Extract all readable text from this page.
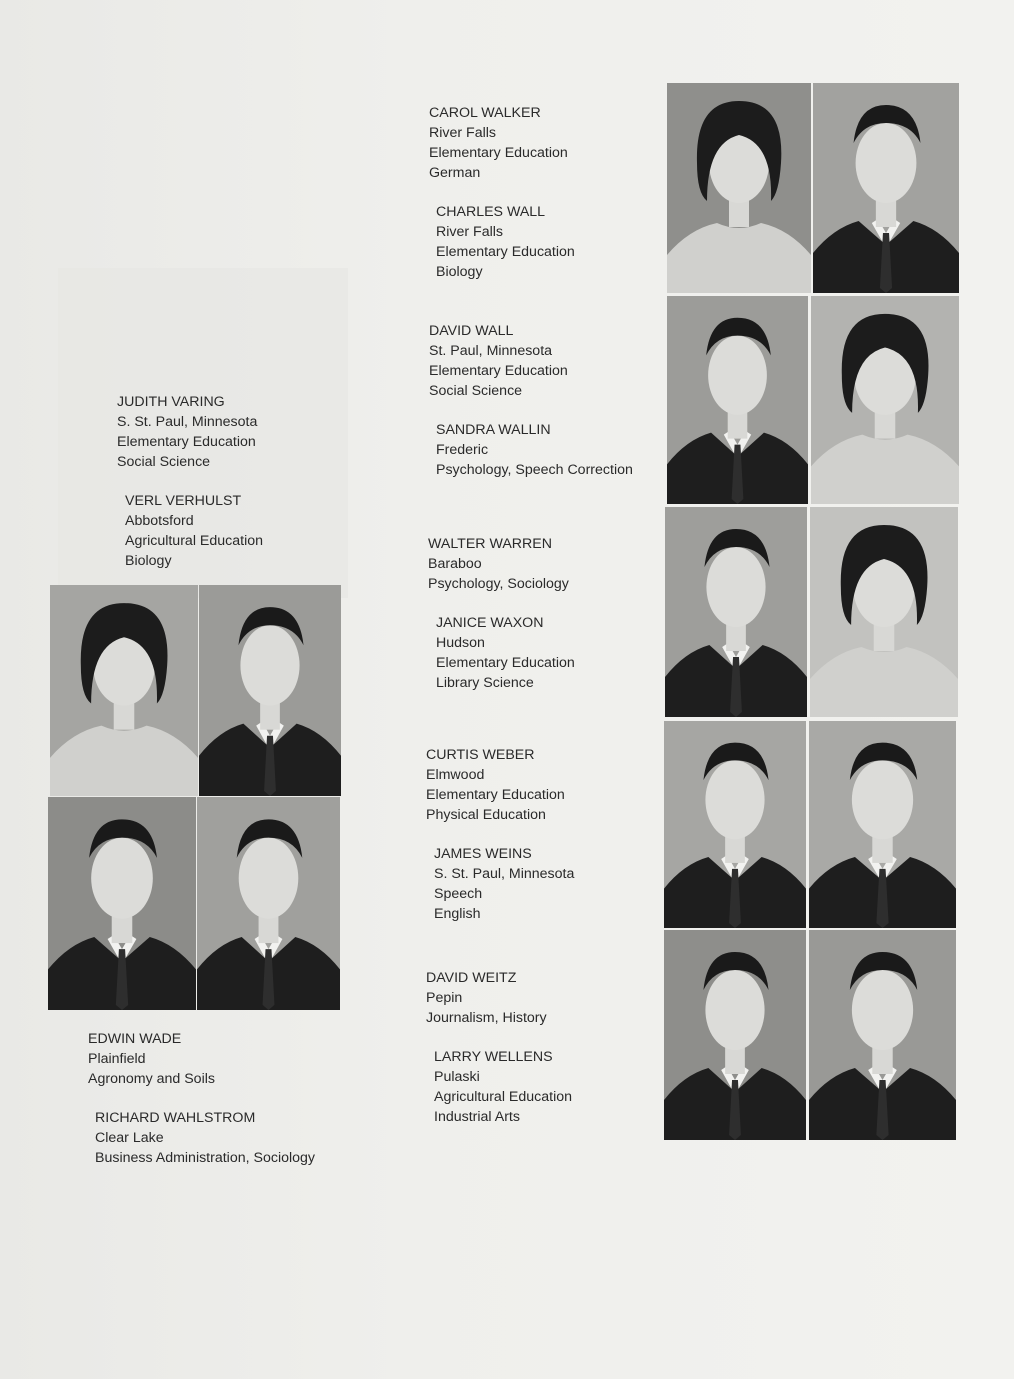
CAROL WALKER
River Falls
Elementary Education
German
CHARLES WALL
River Falls
Elementary Education
Biology
DAVID WALL
St. Paul, Minnesota
Elementary Education
Social Science
SANDRA WALLIN
Frederic
Psychology, Speech Correction
WALTER WARREN
Baraboo
Psychology, Sociology
JANICE WAXON
Hudson
Elementary Education
Library Science
CURTIS WEBER
Elmwood
Elementary Education
Physical Education
JAMES WEINS
S. St. Paul, Minnesota
Speech
English
DAVID WEITZ
Pepin
Journalism, History
LARRY WELLENS
Pulaski
Agricultural Education
Industrial Arts
JUDITH VARING
S. St. Paul, Minnesota
Elementary Education
Social Science
VERL VERHULST
Abbotsford
Agricultural Education
Biology
EDWIN WADE
Plainfield
Agronomy and Soils
RICHARD WAHLSTROM
Clear Lake
Business Administration, Sociology
